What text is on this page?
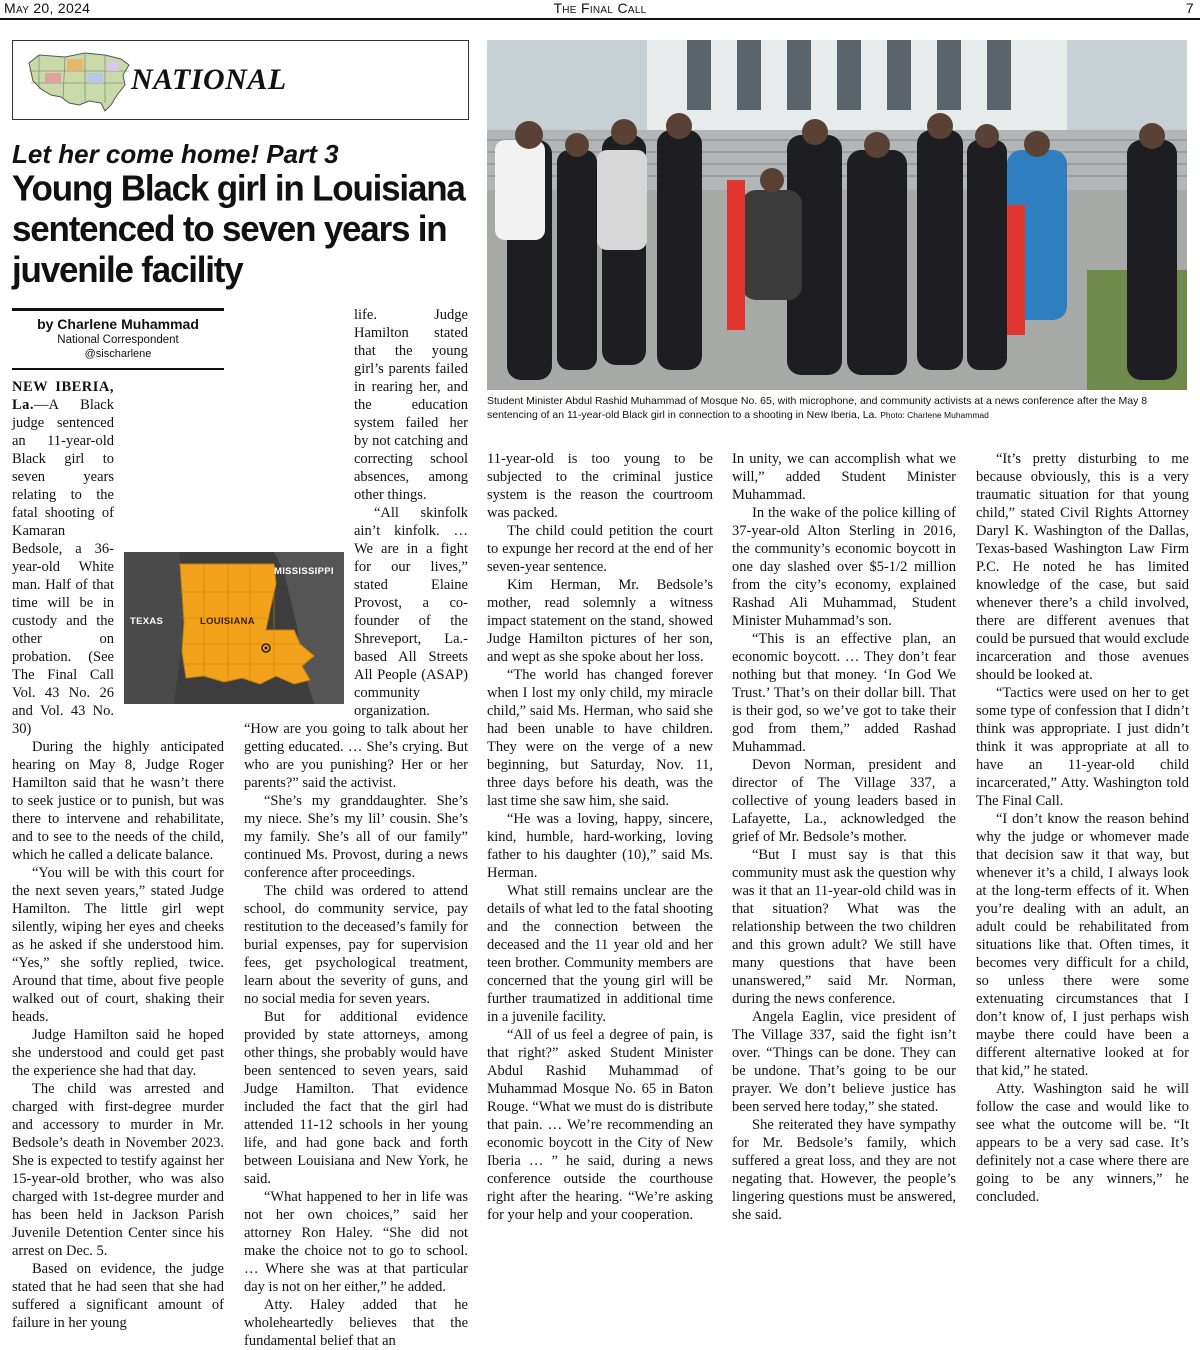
May 20, 2024	The Final Call	7
NATIONAL
Let her come home! Part 3
Young Black girl in Louisiana sentenced to seven years in juvenile facility
by Charlene Muhammad
National Correspondent
@sischarlene
Student Minister Abdul Rashid Muhammad of Mosque No. 65, with microphone, and community activists at a news conference after the May 8 sentencing of an 11-year-old Black girl in connection to a shooting in New Iberia, La. Photo: Charlene Muhammad

NEW IBERIA, La.—A Black judge sentenced an 11-year-old Black girl to seven years relating to the fatal shooting of Kamaran Bedsole, a 36-year-old White man. Half of that time will be in custody and the other on probation. (See The Final Call Vol. 43 No. 26 and Vol. 43 No. 30)

During the highly anticipated hearing on May 8, Judge Roger Hamilton said that he wasn’t there to seek justice or to punish, but was there to intervene and rehabilitate, and to see to the needs of the child, which he called a delicate balance.

“You will be with this court for the next seven years,” stated Judge Hamilton. The little girl wept silently, wiping her eyes and cheeks as he asked if she understood him. “Yes,” she softly replied, twice. Around that time, about five people walked out of court, shaking their heads.

Judge Hamilton said he hoped she understood and could get past the experience she had that day.

The child was arrested and charged with first-degree murder and accessory to murder in Mr. Bedsole’s death in November 2023. She is expected to testify against her 15-year-old brother, who was also charged with 1st-degree murder and has been held in Jackson Parish Juvenile Detention Center since his arrest on Dec. 5.

Based on evidence, the judge stated that he had seen that she had suffered a significant amount of failure in her young

life. Judge Hamilton stated that the young girl’s parents failed in rearing her, and the education system failed her by not catching and correcting school absences, among other things.

“All skinfolk ain’t kinfolk. … We are in a fight for our lives,” stated Elaine Provost, a co-founder of the Shreveport, La.-based All Streets All People (ASAP) community organization. “How are you going to talk about her getting educated. … She’s crying. But who are you punishing? Her or her parents?” said the activist.

“She’s my granddaughter. She’s my niece. She’s my lil’ cousin. She’s my family. She’s all of our family” continued Ms. Provost, during a news conference after proceedings.

The child was ordered to attend school, do community service, pay restitution to the deceased’s family for burial expenses, pay for supervision fees, get psychological treatment, learn about the severity of guns, and no social media for seven years.

But for additional evidence provided by state attorneys, among other things, she probably would have been sentenced to seven years, said Judge Hamilton. That evidence included the fact that the girl had attended 11-12 schools in her young life, and had gone back and forth between Louisiana and New York, he said.

“What happened to her in life was not her own choices,” said her attorney Ron Haley. “She did not make the choice not to go to school. … Where she was at that particular day is not on her either,” he added.

Atty. Haley added that he wholeheartedly believes that the fundamental belief that an

MISSISSIPPI
TEXAS	LOUISIANA

11-year-old is too young to be subjected to the criminal justice system is the reason the courtroom was packed.

The child could petition the court to expunge her record at the end of her seven-year sentence.

Kim Herman, Mr. Bedsole’s mother, read solemnly a witness impact statement on the stand, showed Judge Hamilton pictures of her son, and wept as she spoke about her loss.

“The world has changed forever when I lost my only child, my miracle child,” said Ms. Herman, who said she had been unable to have children. They were on the verge of a new beginning, but Saturday, Nov. 11, three days before his death, was the last time she saw him, she said.

“He was a loving, happy, sincere, kind, humble, hard-working, loving father to his daughter (10),” said Ms. Herman.

What still remains unclear are the details of what led to the fatal shooting and the connection between the deceased and the 11 year old and her teen brother. Community members are concerned that the young girl will be further traumatized in additional time in a juvenile facility.

“All of us feel a degree of pain, is that right?” asked Student Minister Abdul Rashid Muhammad of Muhammad Mosque No. 65 in Baton Rouge. “What we must do is distribute that pain. … We’re recommending an economic boycott in the City of New Iberia … ” he said, during a news conference outside the courthouse right after the hearing. “We’re asking for your help and your cooperation.

In unity, we can accomplish what we will,” added Student Minister Muhammad.

In the wake of the police killing of 37-year-old Alton Sterling in 2016, the community’s economic boycott in one day slashed over $5-1/2 million from the city’s economy, explained Rashad Ali Muhammad, Student Minister Muhammad’s son.

“This is an effective plan, an economic boycott. … They don’t fear nothing but that money. ‘In God We Trust.’ That’s on their dollar bill. That is their god, so we’ve got to take their god from them,” added Rashad Muhammad.

Devon Norman, president and director of The Village 337, a collective of young leaders based in Lafayette, La., acknowledged the grief of Mr. Bedsole’s mother.

“But I must say is that this community must ask the question why was it that an 11-year-old child was in that situation? What was the relationship between the two children and this grown adult? We still have many questions that have been unanswered,” said Mr. Norman, during the news conference.

Angela Eaglin, vice president of The Village 337, said the fight isn’t over. “Things can be done. They can be undone. That’s going to be our prayer. We don’t believe justice has been served here today,” she stated.

She reiterated they have sympathy for Mr. Bedsole’s family, which suffered a great loss, and they are not negating that. However, the people’s lingering questions must be answered, she said.

“It’s pretty disturbing to me because obviously, this is a very traumatic situation for that young child,” stated Civil Rights Attorney Daryl K. Washington of the Dallas, Texas-based Washington Law Firm P.C. He noted he has limited knowledge of the case, but said whenever there’s a child involved, there are different avenues that could be pursued that would exclude incarceration and those avenues should be looked at.

“Tactics were used on her to get some type of confession that I didn’t think was appropriate. I just didn’t think it was appropriate at all to have an 11-year-old child incarcerated,” Atty. Washington told The Final Call.

“I don’t know the reason behind why the judge or whomever made that decision saw it that way, but whenever it’s a child, I always look at the long-term effects of it. When you’re dealing with an adult, an adult could be rehabilitated from situations like that. Often times, it becomes very difficult for a child, so unless there were some extenuating circumstances that I don’t know of, I just perhaps wish maybe there could have been a different alternative looked at for that kid,” he stated.

Atty. Washington said he will follow the case and would like to see what the outcome will be. “It appears to be a very sad case. It’s definitely not a case where there are going to be any winners,” he concluded.
